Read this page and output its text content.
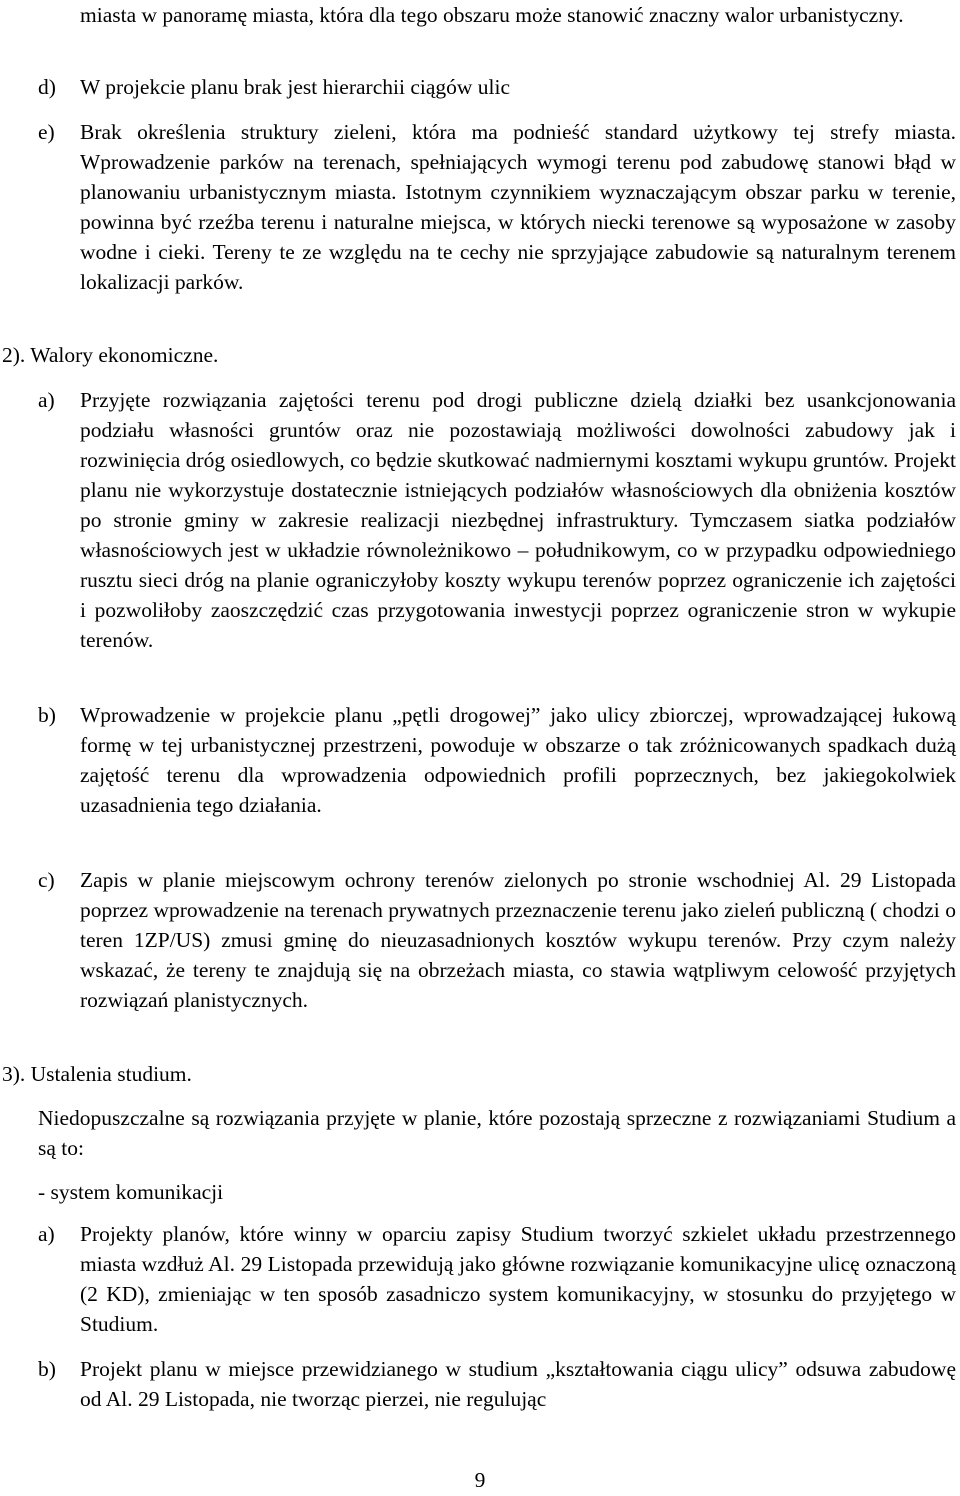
miasta w panoramę miasta, która dla tego obszaru może stanowić znaczny walor urbanistyczny.

d) W projekcie planu brak jest hierarchii ciągów ulic
e) Brak określenia struktury zieleni, która ma podnieść standard użytkowy tej strefy miasta. Wprowadzenie parków na terenach, spełniających wymogi terenu pod zabudowę stanowi błąd w planowaniu urbanistycznym miasta. Istotnym czynnikiem wyznaczającym obszar parku w terenie, powinna być rzeźba terenu i naturalne miejsca, w których niecki terenowe są wyposażone w zasoby wodne i cieki. Tereny te ze względu na te cechy nie sprzyjające zabudowie są naturalnym terenem lokalizacji parków.

2). Walory ekonomiczne.

a) Przyjęte rozwiązania zajętości terenu pod drogi publiczne dzielą działki bez usankcjonowania podziału własności gruntów oraz nie pozostawiają możliwości dowolności zabudowy jak i rozwinięcia dróg osiedlowych, co będzie skutkować nadmiernymi kosztami wykupu gruntów. Projekt planu nie wykorzystuje dostatecznie istniejących podziałów własnościowych dla obniżenia kosztów po stronie gminy w zakresie realizacji niezbędnej infrastruktury. Tymczasem siatka podziałów własnościowych jest w układzie równoleżnikowo – południkowym, co w przypadku odpowiedniego rusztu sieci dróg na planie ograniczyłoby koszty wykupu terenów poprzez ograniczenie ich zajętości i pozwoliłoby zaoszczędzić czas przygotowania inwestycji poprzez ograniczenie stron w wykupie terenów.
b) Wprowadzenie w projekcie planu „pętli drogowej” jako ulicy zbiorczej, wprowadzającej łukową formę w tej urbanistycznej przestrzeni, powoduje w obszarze o tak zróżnicowanych spadkach dużą zajętość terenu dla wprowadzenia odpowiednich profili poprzecznych, bez jakiegokolwiek uzasadnienia tego działania.
c) Zapis w planie miejscowym ochrony terenów zielonych po stronie wschodniej Al. 29 Listopada poprzez wprowadzenie na terenach prywatnych przeznaczenie terenu jako zieleń publiczną ( chodzi o teren 1ZP/US) zmusi gminę do nieuzasadnionych kosztów wykupu terenów. Przy czym należy wskazać, że tereny te znajdują się na obrzeżach miasta, co stawia wątpliwym celowość przyjętych rozwiązań planistycznych.

3). Ustalenia studium.

Niedopuszczalne są rozwiązania przyjęte w planie, które pozostają sprzeczne z rozwiązaniami Studium a są to:

- system komunikacji

a) Projekty planów, które winny w oparciu zapisy Studium tworzyć szkielet układu przestrzennego miasta wzdłuż Al. 29 Listopada przewidują jako główne rozwiązanie komunikacyjne ulicę oznaczoną (2 KD), zmieniając w ten sposób zasadniczo system komunikacyjny, w stosunku do przyjętego w Studium.
b) Projekt planu w miejsce przewidzianego w studium „kształtowania ciągu ulicy” odsuwa zabudowę od Al. 29 Listopada, nie tworząc pierzei, nie regulując
9
